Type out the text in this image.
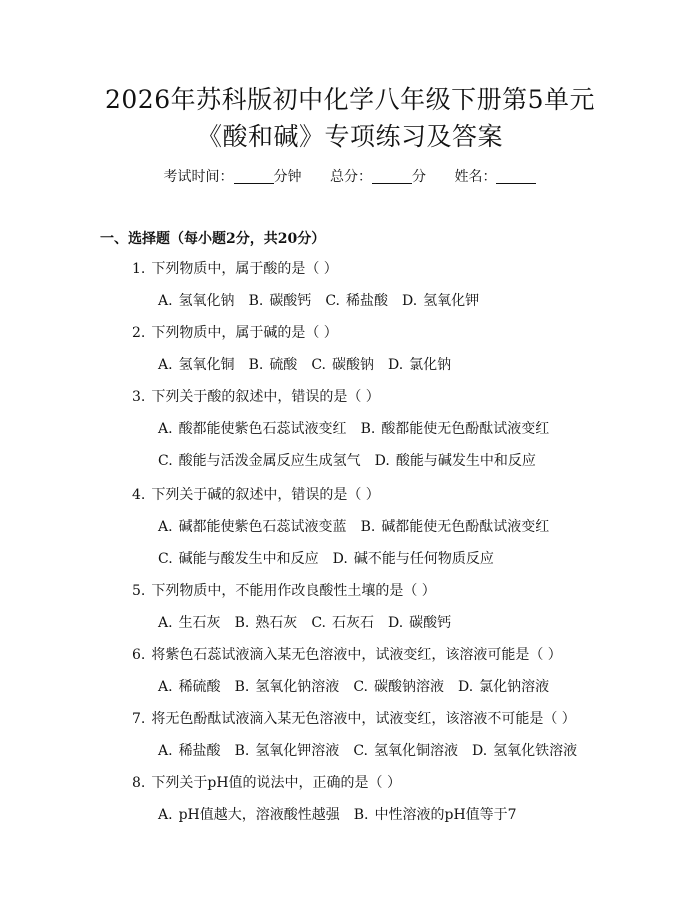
2026年苏科版初中化学八年级下册第5单元
《酸和碱》专项练习及答案
考试时间：	分钟 总分：	分 姓名：
一、选择题（每小题2分，共20分）
1. 下列物质中，属于酸的是（ ）
A. 氢氧化钠 B. 碳酸钙 C. 稀盐酸 D. 氢氧化钾
2. 下列物质中，属于碱的是（ ）
A. 氢氧化铜 B. 硫酸 C. 碳酸钠 D. 氯化钠
3. 下列关于酸的叙述中，错误的是（ ）
A. 酸都能使紫色石蕊试液变红 B. 酸都能使无色酚酞试液变红
C. 酸能与活泼金属反应生成氢气 D. 酸能与碱发生中和反应
4. 下列关于碱的叙述中，错误的是（ ）
A. 碱都能使紫色石蕊试液变蓝 B. 碱都能使无色酚酞试液变红
C. 碱能与酸发生中和反应 D. 碱不能与任何物质反应
5. 下列物质中，不能用作改良酸性土壤的是（ ）
A. 生石灰 B. 熟石灰 C. 石灰石 D. 碳酸钙
6. 将紫色石蕊试液滴入某无色溶液中，试液变红，该溶液可能是（ ）
A. 稀硫酸 B. 氢氧化钠溶液 C. 碳酸钠溶液 D. 氯化钠溶液
7. 将无色酚酞试液滴入某无色溶液中，试液变红，该溶液不可能是（ ）
A. 稀盐酸 B. 氢氧化钾溶液 C. 氢氧化铜溶液 D. 氢氧化铁溶液
8. 下列关于pH值的说法中，正确的是（ ）
A. pH值越大，溶液酸性越强 B. 中性溶液的pH值等于7
